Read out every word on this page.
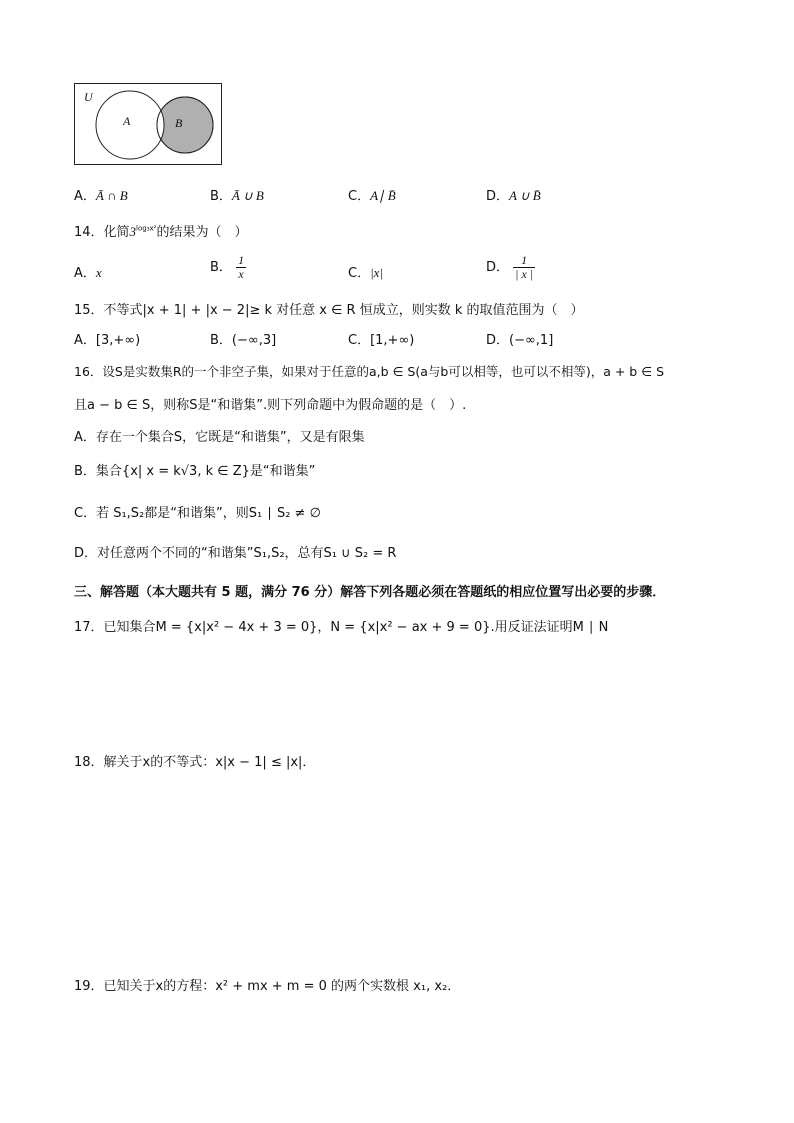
U
A	B
A．Ā ∩ B	B．Ā ∪ B	C．A∣ B̄	D．A ∪ B̄
14．化简$3^{log_3x^2}$的结果为（　）
A．x	B． $\frac{1}{x}$	C．|x|	D． $\frac{1}{| x |}$
15．不等式|x + 1| + |x − 2|≥ k 对任意 x ∈ R 恒成立，则实数 k 的取值范围为（　）
A．[3,+∞)	B．(−∞,3]	C．[1,+∞)	D．(−∞,1]
16．设S是实数集R的一个非空子集，如果对于任意的a,b ∈ S(a与b可以相等，也可以不相等)，a + b ∈ S
且a − b ∈ S，则称S是“和谐集”.则下列命题中为假命题的是（　）.
A．存在一个集合S，它既是“和谐集”，又是有限集
B．集合{x| x = k√3, k ∈ Z}是“和谐集”
C．若 S₁,S₂都是“和谐集”，则S₁ ∣ S₂ ≠ ∅
D．对任意两个不同的“和谐集”S₁,S₂，总有S₁ ∪ S₂ = R
三、解答题（本大题共有 5 题，满分 76 分）解答下列各题必须在答题纸的相应位置写出必要的步骤．
17．已知集合M = {x|x² − 4x + 3 = 0}，N = {x|x² − ax + 9 = 0}.用反证法证明M ∣ N
18．解关于x的不等式：x|x − 1| ≤ |x|．
19．已知关于x的方程：x² + mx + m = 0 的两个实数根 x₁, x₂．
